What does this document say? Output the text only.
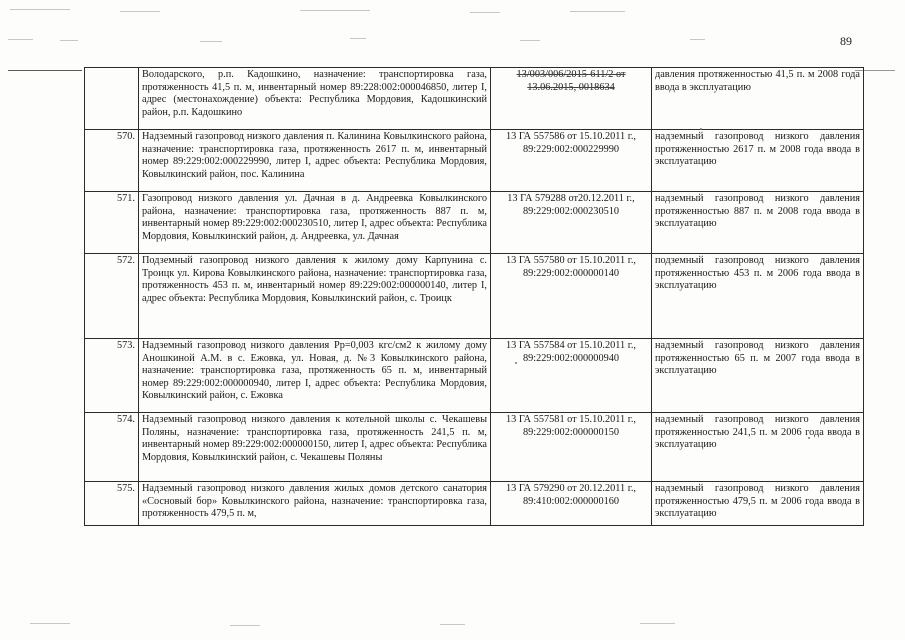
89
	Володарского, р.п. Кадошкино, назначение: транспортировка газа, протяженность 41,5 п. м, инвентарный номер 89:228:002:000046850, литер I, адрес (местонахождение) объекта: Республика Мордовия, Кадошкинский район, р.п. Кадошкино	13/003/006/2015-611/2 от 13.06.2015, 0018634	давления протяженностью 41,5 п. м 2008 года ввода в эксплуатацию
570.	Надземный газопровод низкого давления п. Калинина Ковылкинского района, назначение: транспортировка газа, протяженность 2617 п. м, инвентарный номер 89:229:002:000229990, литер I, адрес объекта: Республика Мордовия, Ковылкинский район, пос. Калинина	13 ГА 557586 от 15.10.2011 г., 89:229:002:000229990	надземный газопровод низкого давления протяженностью 2617 п. м 2008 года ввода в эксплуатацию
571.	Газопровод низкого давления ул. Дачная в д. Андреевка Ковылкинского района, назначение: транспортировка газа, протяженность 887 п. м, инвентарный номер 89:229:002:000230510, литер I, адрес объекта: Республика Мордовия, Ковылкинский район, д. Андреевка, ул. Дачная	13 ГА 579288 от20.12.2011 г., 89:229:002:000230510	надземный газопровод низкого давления протяженностью 887 п. м 2008 года ввода в эксплуатацию
572.	Подземный газопровод низкого давления к жилому дому Карпунина с. Троицк ул. Кирова Ковылкинского района, назначение: транспортировка газа, протяженность 453 п. м, инвентарный номер 89:229:002:000000140, литер I, адрес объекта: Республика Мордовия, Ковылкинский район, с. Троицк	13 ГА 557580 от 15.10.2011 г., 89:229:002:000000140	подземный газопровод низкого давления протяженностью 453 п. м 2006 года ввода в эксплуатацию
573.	Надземный газопровод низкого давления Рр=0,003 кгс/см2 к жилому дому Аношкиной А.М. в с. Ежовка, ул. Новая, д. №3 Ковылкинского района, назначение: транспортировка газа, протяженность 65 п. м, инвентарный номер 89:229:002:000000940, литер I, адрес объекта: Республика Мордовия, Ковылкинский район, с. Ежовка	13 ГА 557584 от 15.10.2011 г., 89:229:002:000000940	надземный газопровод низкого давления протяженностью 65 п. м 2007 года ввода в эксплуатацию
574.	Надземный газопровод низкого давления к котельной школы с. Чекашевы Поляны, назначение: транспортировка газа, протяженность 241,5 п. м, инвентарный номер 89:229:002:000000150, литер I, адрес объекта: Республика Мордовия, Ковылкинский район, с. Чекашевы Поляны	13 ГА 557581 от 15.10.2011 г., 89:229:002:000000150	надземный газопровод низкого давления протяженностью 241,5 п. м 2006 года ввода в эксплуатацию
575.	Надземный газопровод низкого давления жилых домов детского санатория «Сосновый бор» Ковылкинского района, назначение: транспортировка газа, протяженность 479,5 п. м,	13 ГА 579290 от 20.12.2011 г., 89:410:002:000000160	надземный газопровод низкого давления протяженностью 479,5 п. м 2006 года ввода в эксплуатацию
